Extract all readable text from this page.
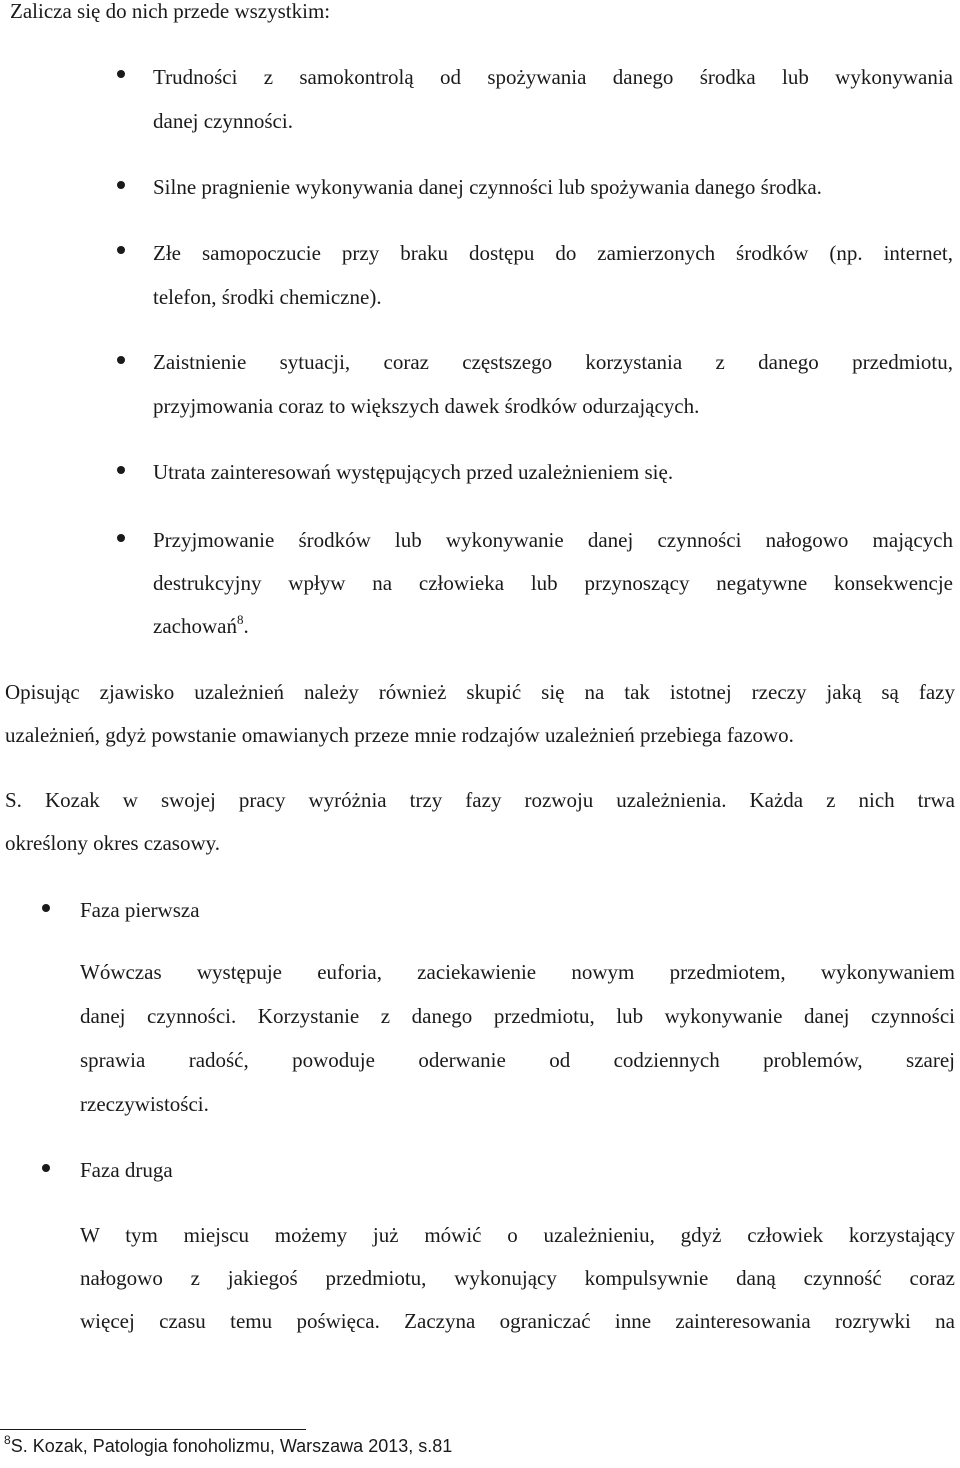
Zalicza się do nich przede wszystkim:
Trudności z samokontrolą od spożywania danego środka lub wykonywania
danej czynności.
Silne pragnienie wykonywania danej czynności lub spożywania danego środka.
Złe samopoczucie przy braku dostępu do zamierzonych środków (np. internet,
telefon, środki chemiczne).
Zaistnienie sytuacji, coraz częstszego korzystania z danego przedmiotu,
przyjmowania coraz to większych dawek środków odurzających.
Utrata zainteresowań występujących przed uzależnieniem się.
Przyjmowanie środków lub wykonywanie danej czynności nałogowo mających
destrukcyjny wpływ na człowieka lub przynoszący negatywne konsekwencje
zachowań$^8$.
Opisując zjawisko uzależnień należy również skupić się na tak istotnej rzeczy jaką są fazy
uzależnień, gdyż powstanie omawianych przeze mnie rodzajów uzależnień przebiega fazowo.
S. Kozak w swojej pracy wyróżnia trzy fazy rozwoju uzależnienia. Każda z nich trwa
określony okres czasowy.
Faza pierwsza
Wówczas występuje euforia, zaciekawienie nowym przedmiotem, wykonywaniem
danej czynności. Korzystanie z danego przedmiotu, lub wykonywanie danej czynności
sprawia radość, powoduje oderwanie od codziennych problemów, szarej
rzeczywistości.
Faza druga
W tym miejscu możemy już mówić o uzależnieniu, gdyż człowiek korzystający
nałogowo z jakiegoś przedmiotu, wykonujący kompulsywnie daną czynność coraz
więcej czasu temu poświęca. Zaczyna ograniczać inne zainteresowania rozrywki na
$^8$S. Kozak, Patologia fonoholizmu, Warszawa 2013, s.81
